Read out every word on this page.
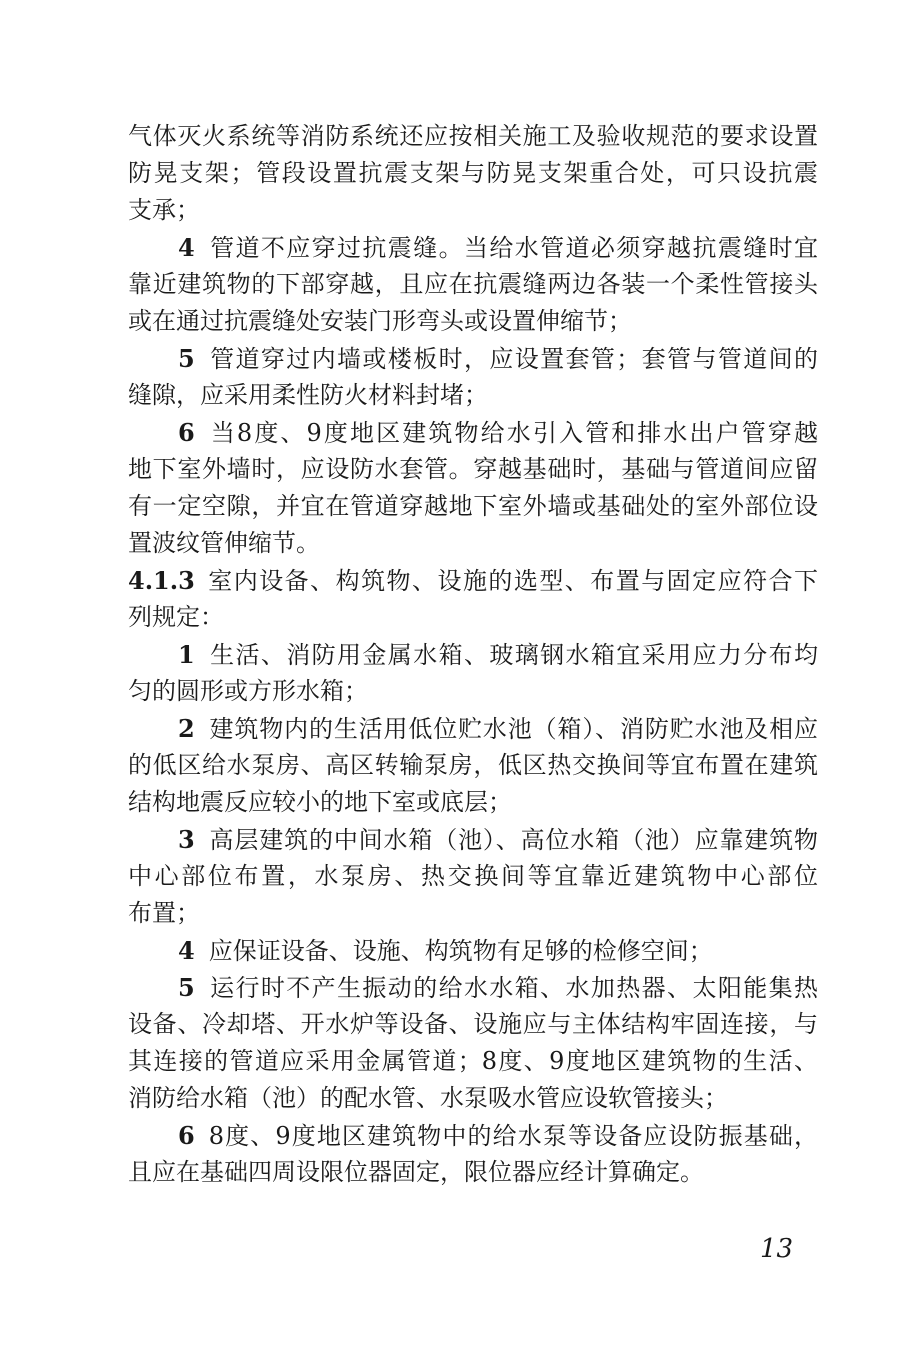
气体灭火系统等消防系统还应按相关施工及验收规范的要求设置
防晃支架；管段设置抗震支架与防晃支架重合处，可只设抗震
支承；
4 管道不应穿过抗震缝。当给水管道必须穿越抗震缝时宜
靠近建筑物的下部穿越，且应在抗震缝两边各装一个柔性管接头
或在通过抗震缝处安装门形弯头或设置伸缩节；
5 管道穿过内墙或楼板时，应设置套管；套管与管道间的
缝隙，应采用柔性防火材料封堵；
6 当8度、9度地区建筑物给水引入管和排水出户管穿越
地下室外墙时，应设防水套管。穿越基础时，基础与管道间应留
有一定空隙，并宜在管道穿越地下室外墙或基础处的室外部位设
置波纹管伸缩节。
4.1.3 室内设备、构筑物、设施的选型、布置与固定应符合下
列规定：
1 生活、消防用金属水箱、玻璃钢水箱宜采用应力分布均
匀的圆形或方形水箱；
2 建筑物内的生活用低位贮水池（箱）、消防贮水池及相应
的低区给水泵房、高区转输泵房，低区热交换间等宜布置在建筑
结构地震反应较小的地下室或底层；
3 高层建筑的中间水箱（池）、高位水箱（池）应靠建筑物
中心部位布置，水泵房、热交换间等宜靠近建筑物中心部位
布置；
4 应保证设备、设施、构筑物有足够的检修空间；
5 运行时不产生振动的给水水箱、水加热器、太阳能集热
设备、冷却塔、开水炉等设备、设施应与主体结构牢固连接，与
其连接的管道应采用金属管道；8度、9度地区建筑物的生活、
消防给水箱（池）的配水管、水泵吸水管应设软管接头；
6 8度、9度地区建筑物中的给水泵等设备应设防振基础，
且应在基础四周设限位器固定，限位器应经计算确定。
13
